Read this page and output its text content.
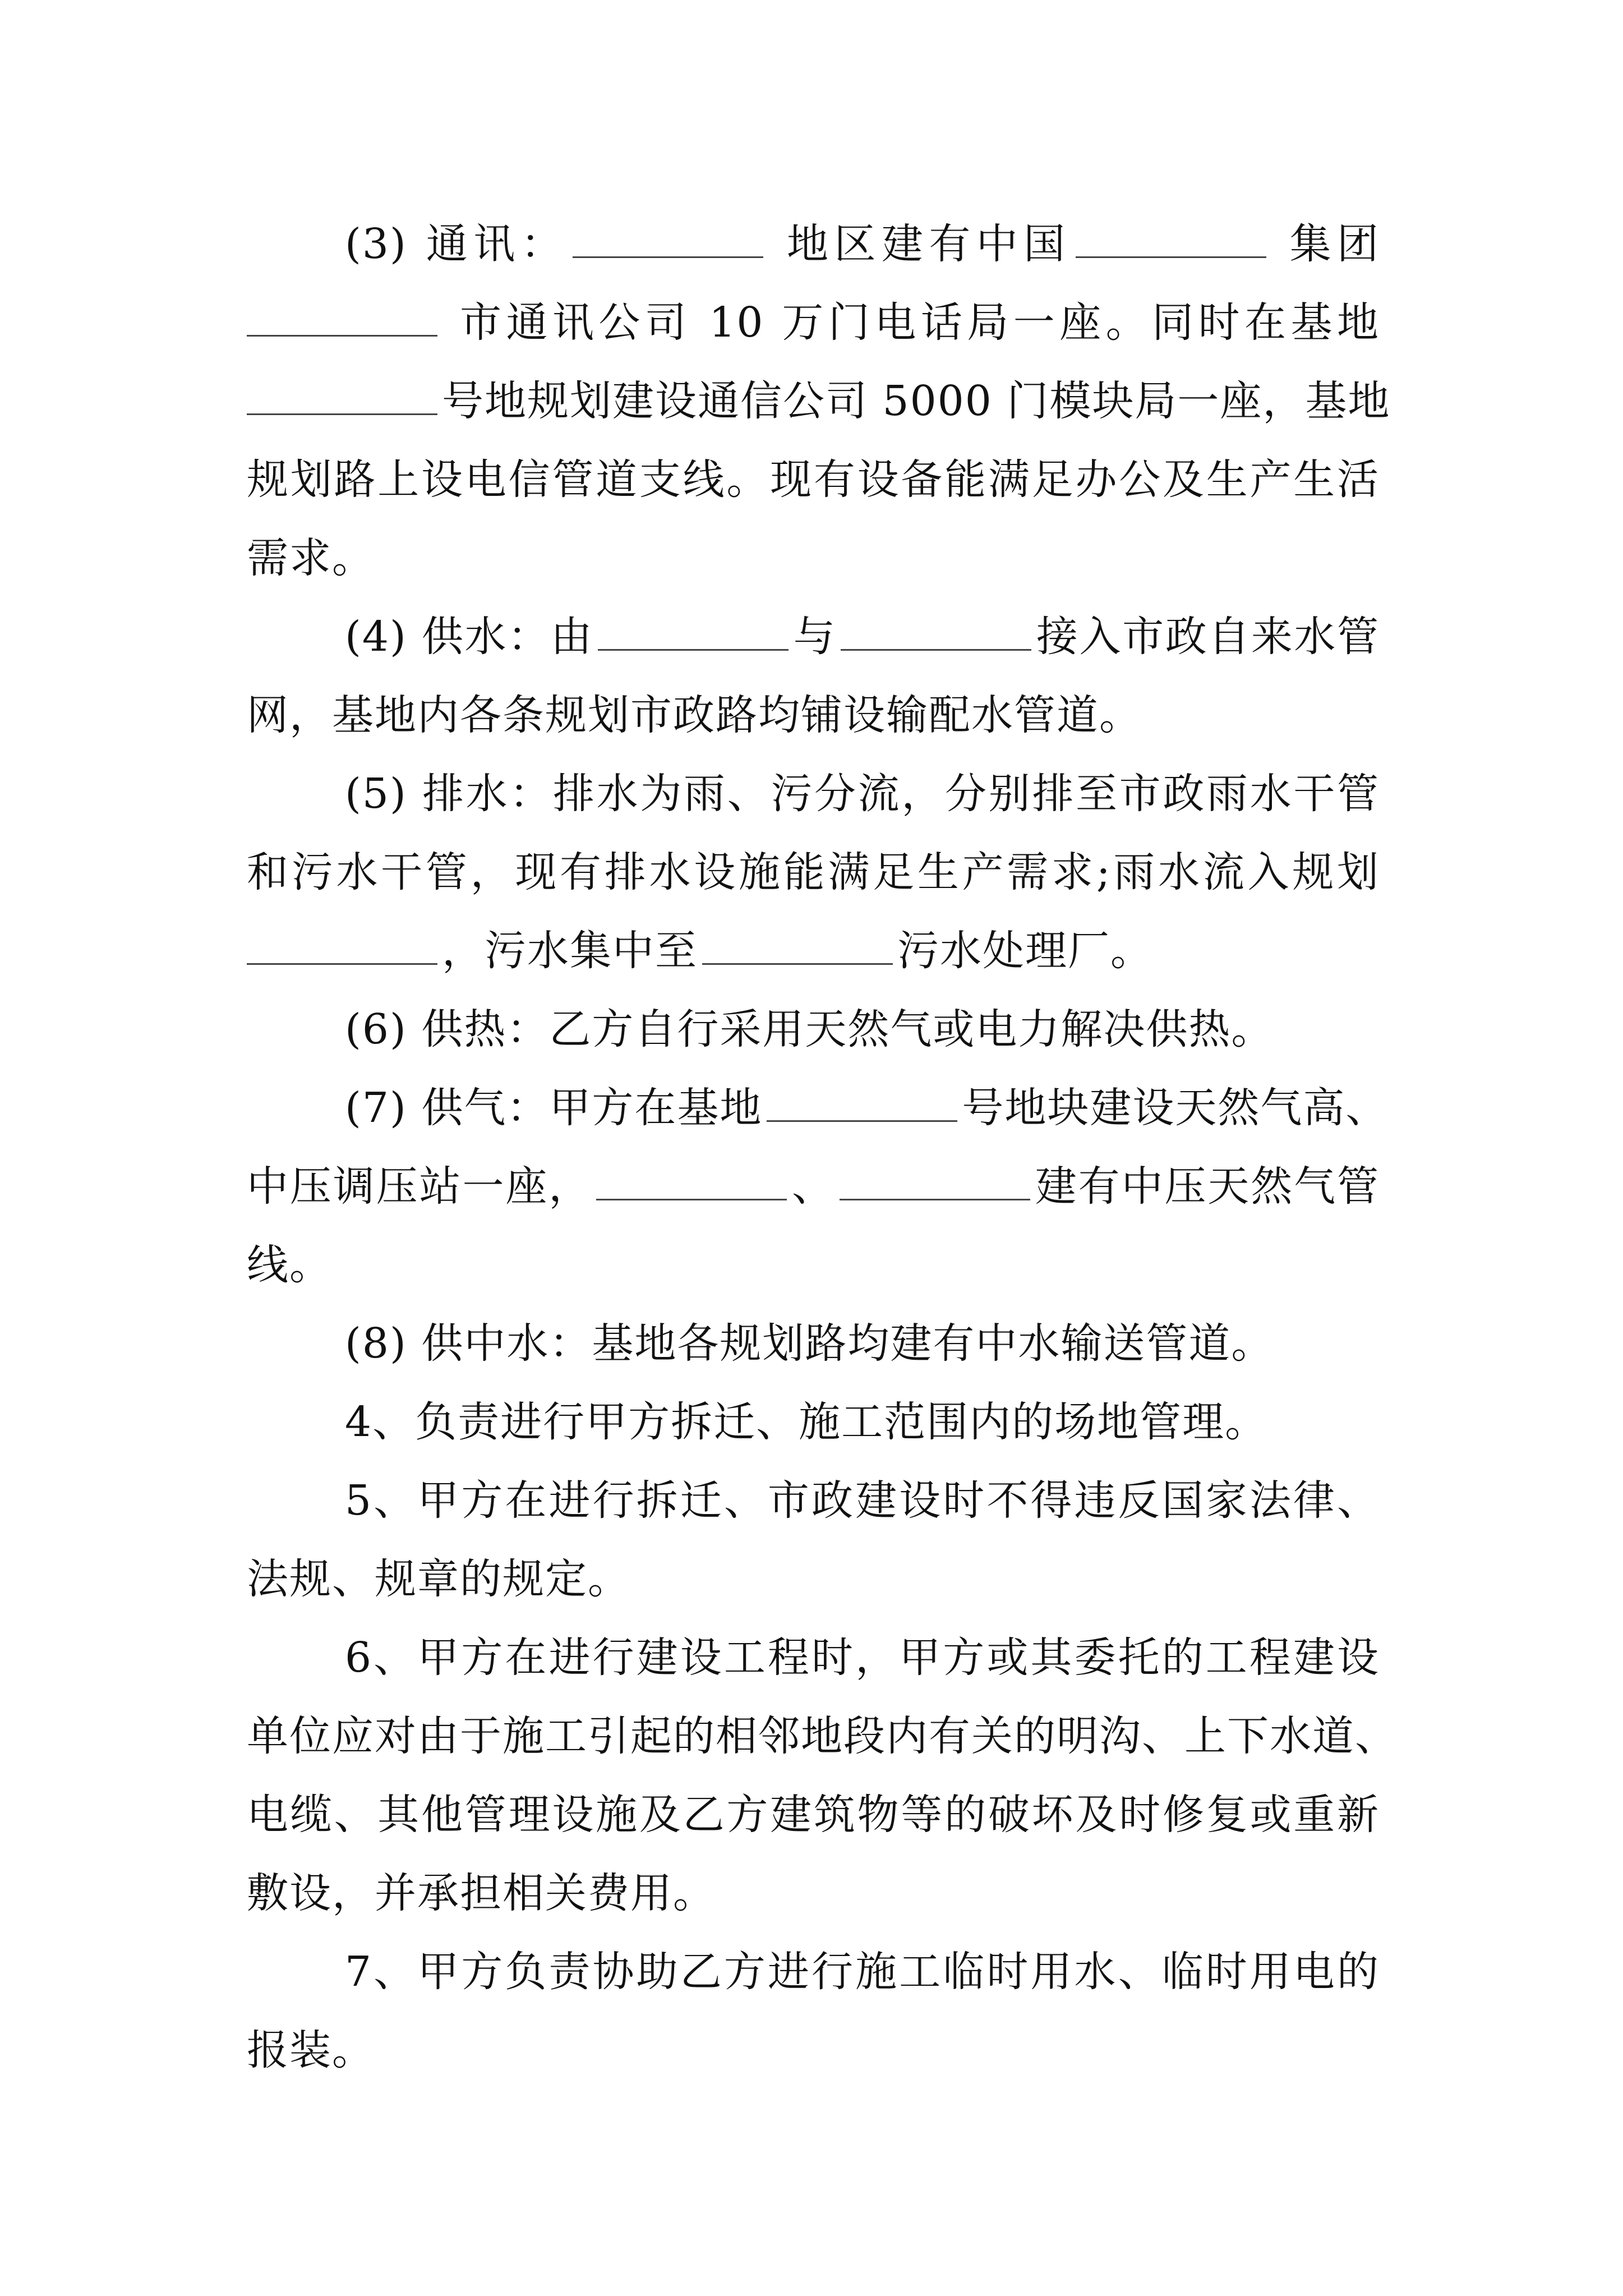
(3) 通讯：	地区建有中国	集团
市通讯公司 10 万门电话局一座。同时在基地
号地规划建设通信公司 5000 门模块局一座，基地
规划路上设电信管道支线。现有设备能满足办公及生产生活
需求。
(4) 供水：由	与	接入市政自来水管
网，基地内各条规划市政路均铺设输配水管道。
(5) 排水：排水为雨、污分流，分别排至市政雨水干管
和污水干管，现有排水设施能满足生产需求;雨水流入规划
，污水集中至	污水处理厂。
(6) 供热：乙方自行采用天然气或电力解决供热。
(7) 供气：甲方在基地	号地块建设天然气高、
中压调压站一座，	、	建有中压天然气管
线。
(8) 供中水：基地各规划路均建有中水输送管道。
4、负责进行甲方拆迁、施工范围内的场地管理。
5、甲方在进行拆迁、市政建设时不得违反国家法律、
法规、规章的规定。
6、甲方在进行建设工程时，甲方或其委托的工程建设
单位应对由于施工引起的相邻地段内有关的明沟、上下水道、
电缆、其他管理设施及乙方建筑物等的破坏及时修复或重新
敷设，并承担相关费用。
7、甲方负责协助乙方进行施工临时用水、临时用电的
报装。
